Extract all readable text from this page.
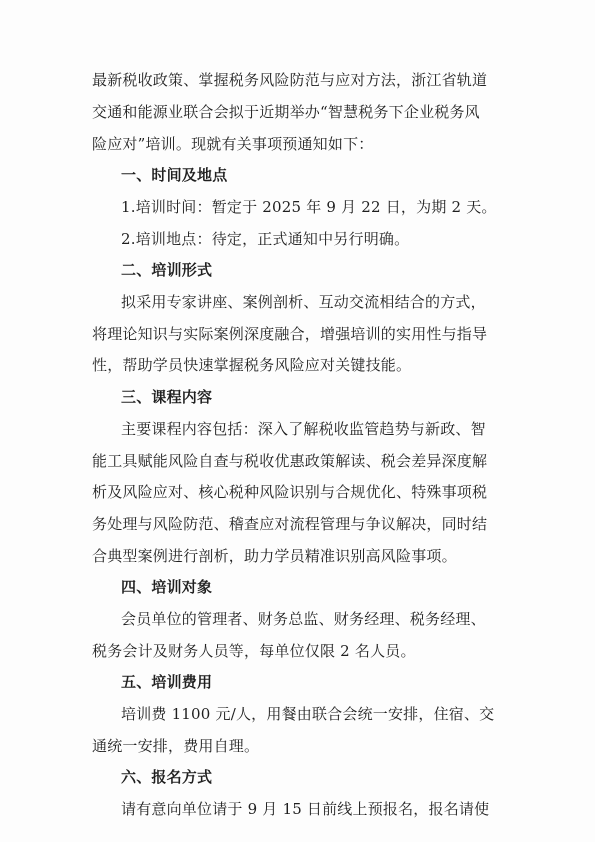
最新税收政策、掌握税务风险防范与应对方法，浙江省轨道
交通和能源业联合会拟于近期举办“智慧税务下企业税务风
险应对”培训。现就有关事项预通知如下：
一、时间及地点
1.培训时间：暂定于 2025 年 9 月 22 日，为期 2 天。
2.培训地点：待定，正式通知中另行明确。
二、培训形式
拟采用专家讲座、案例剖析、互动交流相结合的方式，
将理论知识与实际案例深度融合，增强培训的实用性与指导
性，帮助学员快速掌握税务风险应对关键技能。
三、课程内容
主要课程内容包括：深入了解税收监管趋势与新政、智
能工具赋能风险自查与税收优惠政策解读、税会差异深度解
析及风险应对、核心税种风险识别与合规优化、特殊事项税
务处理与风险防范、稽查应对流程管理与争议解决，同时结
合典型案例进行剖析，助力学员精准识别高风险事项。
四、培训对象
会员单位的管理者、财务总监、财务经理、税务经理、
税务会计及财务人员等，每单位仅限 2 名人员。
五、培训费用
培训费 1100 元/人，用餐由联合会统一安排，住宿、交
通统一安排，费用自理。
六、报名方式
请有意向单位请于 9 月 15 日前线上预报名，报名请使
